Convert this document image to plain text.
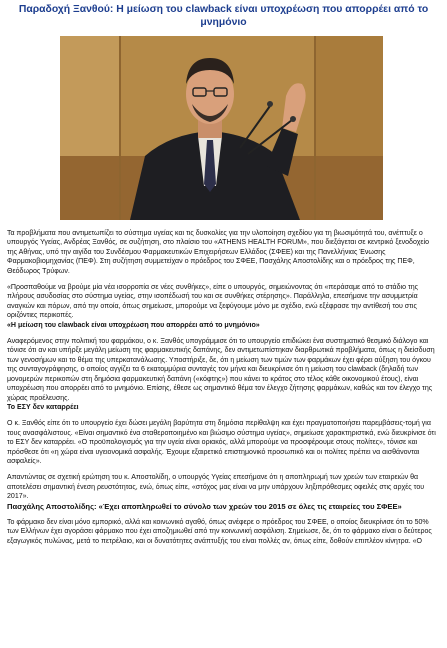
Παραδοχή Ξανθού: Η μείωση του clawback είναι υποχρέωση που απορρέει από το μνημόνιο

Τα προβλήματα που αντιμετωπίζει το σύστημα υγείας και τις δυσκολίες για την υλοποίηση σχεδίου για τη βιωσιμότητά του, ανέπτυξε ο υπουργός Υγείας, Ανδρέας Ξανθός, σε συζήτηση, στο πλαίσιο του «ATHENS HEALTH FORUM», που διεξάγεται σε κεντρικό ξενοδοχείο της Αθήνας, υπό την αιγίδα του Συνδέσμου Φαρμακευτικών Επιχειρήσεων Ελλάδος (ΣΦΕΕ) και της Πανελλήνιας Ένωσης Φαρμακοβιομηχανίας (ΠΕΦ). Στη συζήτηση συμμετείχαν ο πρόεδρος του ΣΦΕΕ, Πασχάλης Αποστολίδης και ο πρόεδρος της ΠΕΦ, Θεόδωρος Τρύφων.

«Προσπαθούμε να βρούμε μία νέα ισορροπία σε νέες συνθήκες», είπε ο υπουργός, σημειώνοντας ότι «περάσαμε από το στάδιο της πλήρους ασυδοσίας στο σύστημα υγείας, στην ισοπέδωσή του και σε συνθήκες στέρησης». Παράλληλα, επεσήμανε την ασυμμετρία αναγκών και πόρων, από την οποία, όπως σημείωσε, μπορούμε να ξεφύγουμε μόνο με σχέδιο, ενώ εξέφρασε την αντίθεσή του στις οριζόντιες περικοπές.

«Η μείωση του clawback είναι υποχρέωση που απορρέει από το μνημόνιο»

Αναφερόμενος στην πολιτική του φαρμάκου, ο κ. Ξανθός υπογράμμισε ότι το υπουργείο επιδιώκει ένα συστηματικό θεσμικό διάλογο και τόνισε ότι αν και υπήρξε μεγάλη μείωση της φαρμακευτικής δαπάνης, δεν αντιμετωπίστηκαν διαρθρωτικά προβλήματα, όπως η διείσδυση των γενοσήμων και το θέμα της υπερκατανάλωσης. Υποστήριξε, δε, ότι η μείωση των τιμών των φαρμάκων έχει φέρει αύξηση του όγκου της συνταγογράφησης, ο οποίος αγγίζει τα 6 εκατομμύρια συνταγές τον μήνα και διευκρίνισε ότι η μείωση του clawback (δηλαδή των μονομερών περικοπών στη δημόσια φαρμακευτική δαπάνη («κόφτης») που κάνει το κράτος στο τέλος κάθε οικονομικού έτους), είναι υποχρέωση που απορρέει από το μνημόνιο. Επίσης, έθεσε ως σημαντικό θέμα τον έλεγχο ζήτησης φαρμάκων, καθώς και τον έλεγχο της χώρας προέλευσης.

Το ΕΣΥ δεν καταρρέει

Ο κ. Ξανθός είπε ότι το υπουργείο έχει δώσει μεγάλη βαρύτητα στη δημόσια περίθαλψη και έχει πραγματοποιήσει παρεμβάσεις-τομή για τους ανασφάλιστους. «Είναι σημαντικό ένα σταθεροποιημένο και βιώσιμο σύστημα υγείας», σημείωσε χαρακτηριστικά, ενώ διευκρίνισε ότι το ΕΣΥ δεν καταρρέει. «Ο προϋπολογισμός για την υγεία είναι οριακός, αλλά μπορούμε να προσφέρουμε στους πολίτες», τόνισε και πρόσθεσε ότι «η χώρα είναι υγειονομικά ασφαλής. Έχουμε εξαιρετικό επιστημονικό προσωπικό και οι πολίτες πρέπει να αισθάνονται ασφαλείς».

Απαντώντας σε σχετική ερώτηση του κ. Αποστολίδη, ο υπουργός Υγείας επεσήμανε ότι η αποπληρωμή των χρεών των εταιρειών θα αποτελέσει σημαντική ένεση ρευστότητας, ενώ, όπως είπε, «στόχος μας είναι να μην υπάρχουν ληξιπρόθεσμες οφειλές στις αρχές του 2017».

Πασχάλης Αποστολίδης: «Έχει αποπληρωθεί το σύνολο των χρεών του 2015 σε όλες τις εταιρείες του ΣΦΕΕ»

Το φάρμακο δεν είναι μόνο εμπορικό, αλλά και κοινωνικό αγαθό, όπως ανέφερε ο πρόεδρος του ΣΦΕΕ, ο οποίος διευκρίνισε ότι το 50% των Ελλήνων έχει αγοράσει φάρμακο που έχει αποζημιωθεί από την κοινωνική ασφάλιση. Σημείωσε, δε, ότι το φάρμακο είναι ο δεύτερος εξαγωγικός πυλώνας, μετά το πετρέλαιο, και οι δυνατότητες ανάπτυξής του είναι πολλές αν, όπως είπε, δοθούν επιπλέον κίνητρα. «Ο
